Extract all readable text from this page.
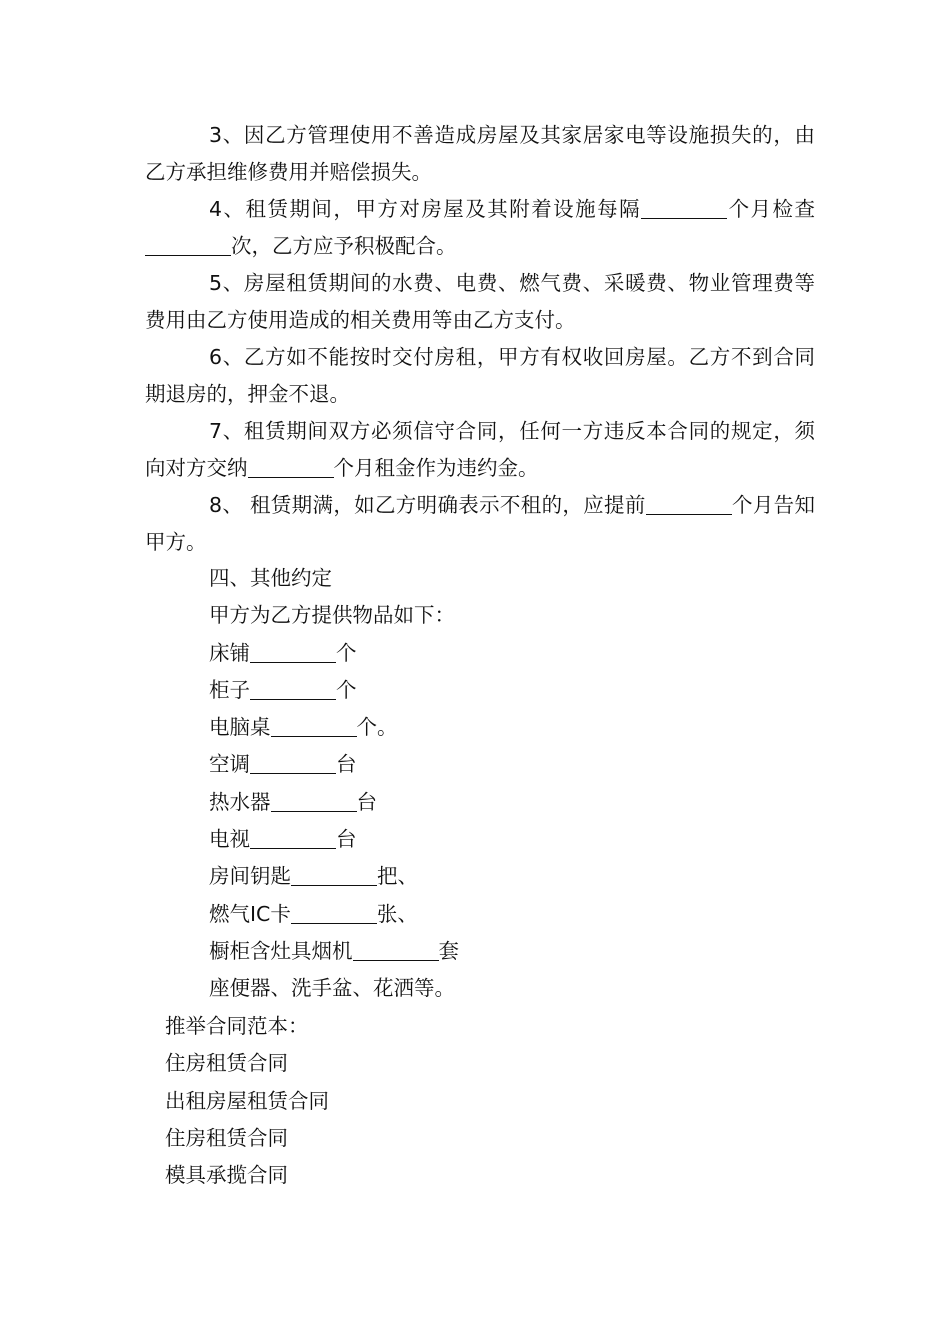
3、因乙方管理使用不善造成房屋及其家居家电等设施损失的，由乙方承担维修费用并赔偿损失。

4、租赁期间，甲方对房屋及其附着设施每隔	个月检查次，乙方应予积极配合。

5、房屋租赁期间的水费、电费、燃气费、采暖费、物业管理费等费用由乙方使用造成的相关费用等由乙方支付。

6、乙方如不能按时交付房租，甲方有权收回房屋。乙方不到合同期退房的，押金不退。

7、租赁期间双方必须信守合同，任何一方违反本合同的规定，须向对方交纳	个月租金作为违约金。

8、 租赁期满，如乙方明确表示不租的，应提前	个月告知甲方。

四、其他约定

甲方为乙方提供物品如下：

床铺	个

柜子	个

电脑桌	个。

空调	台

热水器	台

电视	台

房间钥匙	把、

燃气IC卡	张、

橱柜含灶具烟机	套

座便器、洗手盆、花洒等。

推举合同范本：

住房租赁合同

出租房屋租赁合同

住房租赁合同

模具承揽合同
